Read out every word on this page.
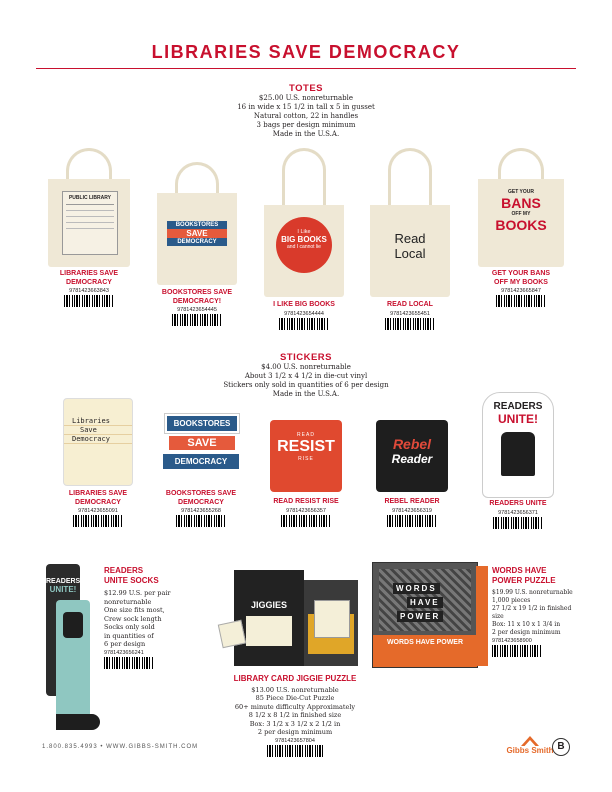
LIBRARIES SAVE DEMOCRACY
TOTES
$25.00 U.S. nonreturnable
16 in wide x 15 1/2 in tall x 5 in gusset
Natural cotton, 22 in handles
3 bags per design minimum
Made in the U.S.A.
PUBLIC LIBRARY
LIBRARIES SAVE
DEMOCRACY
9781423663843
BOOKSTORES
SAVE
DEMOCRACY
BOOKSTORES SAVE
DEMOCRACY!
9781423654445
I Like
BIG BOOKS
and I cannot lie
I LIKE BIG BOOKS
9781423654444
Read
Local
READ LOCAL
9781423655451
GET YOUR
BANS
OFF MY
BOOKS
GET YOUR BANS
OFF MY BOOKS
9781423665847
STICKERS
$4.00 U.S. nonreturnable
About 3 1/2 x 4 1/2 in die-cut vinyl
Stickers only sold in quantities of 6 per design
Made in the U.S.A.
Libraries
Save
Democracy
LIBRARIES SAVE
DEMOCRACY
9781423655091
BOOKSTORES
SAVE
DEMOCRACY
BOOKSTORES SAVE
DEMOCRACY
9781423655268
READ
RESIST
RISE
READ RESIST RISE
9781423656357
Rebel
Reader
REBEL READER
9781423656319
READERS
UNITE!
READERS UNITE
9781423656371
READERS
UNITE!
READERS
UNITE SOCKS
$12.99 U.S. per pair
nonreturnable
One size fits most,
Crew sock length
Socks only sold
in quantities of
6 per design
9781423656241
JIGGIES
LIBRARY CARD JIGGIE PUZZLE
$13.00 U.S. nonreturnable
85 Piece Die-Cut Puzzle
60+ minute difficulty Approximately
8 1/2 x 8 1/2 in finished size
Box: 3 1/2 x 3 1/2 x 2 1/2 in
2 per design minimum
9781423657804
WORDS
HAVE
POWER
WORDS HAVE POWER
WORDS HAVE
POWER PUZZLE
$19.99 U.S. nonreturnable
1,000 pieces
27 1/2 x 19 1/2 in finished size
Box: 11 x 10 x 1 3/4 in
2 per design minimum
9781423658900
1.800.835.4993 • WWW.GIBBS-SMITH.COM	Gibbs Smith B
